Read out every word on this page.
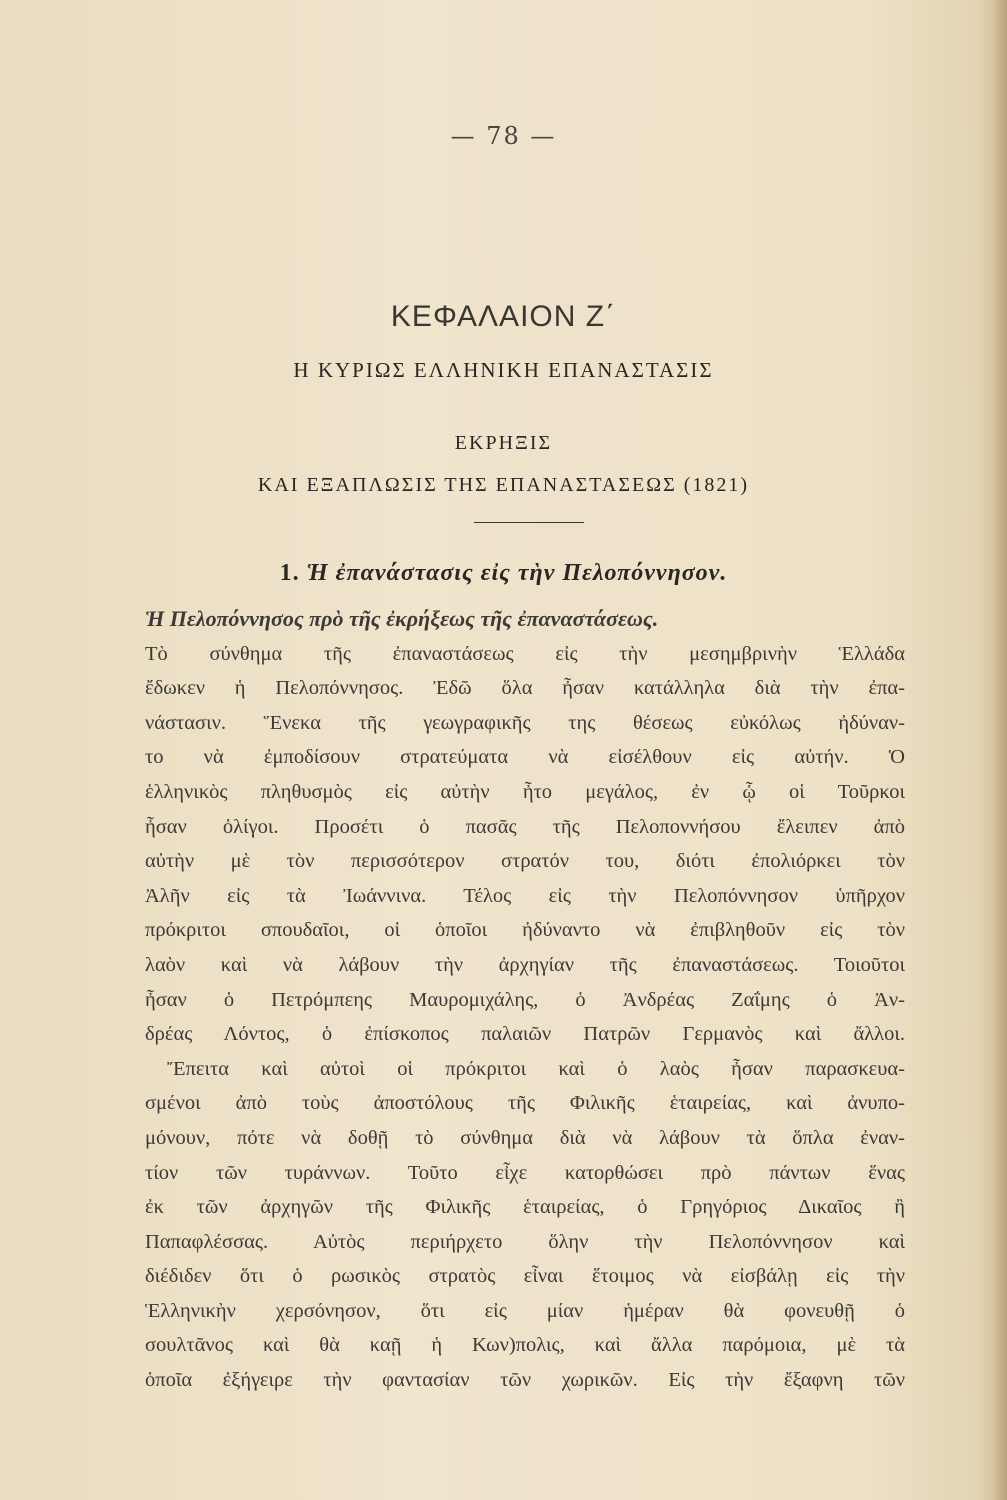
— 78 —
ΚΕΦΑΛΑΙΟΝ Ζ΄
Η ΚΥΡΙΩΣ ΕΛΛΗΝΙΚΗ ΕΠΑΝΑΣΤΑΣΙΣ
ΕΚΡΗΞΙΣ
ΚΑΙ ΕΞΑΠΛΩΣΙΣ ΤΗΣ ΕΠΑΝΑΣΤΑΣΕΩΣ (1821)
1. Ἡ ἐπανάστασις εἰς τὴν Πελοπόννησον.
Ἡ Πελοπόννησος πρὸ τῆς ἐκρήξεως τῆς ἐπαναστάσεως.
Τὸ σύνθημα τῆς ἐπαναστάσεως εἰς τὴν μεσημβρινὴν Ἑλλάδα
ἔδωκεν ἡ Πελοπόννησος. Ἐδῶ ὅλα ἦσαν κατάλληλα διὰ τὴν ἐπα-
νάστασιν. Ἕνεκα τῆς γεωγραφικῆς της θέσεως εὐκόλως ἠδύναν-
το νὰ ἐμποδίσουν στρατεύματα νὰ εἰσέλθουν εἰς αὐτήν. Ὁ
ἑλληνικὸς πληθυσμὸς εἰς αὐτὴν ἦτο μεγάλος, ἐν ᾧ οἱ Τοῦρκοι
ἦσαν ὀλίγοι. Προσέτι ὁ πασᾶς τῆς Πελοποννήσου ἔλειπεν ἀπὸ
αὐτὴν μὲ τὸν περισσότερον στρατόν του, διότι ἐπολιόρκει τὸν
Ἀλῆν εἰς τὰ Ἰωάννινα. Τέλος εἰς τὴν Πελοπόννησον ὑπῆρχον
πρόκριτοι σπουδαῖοι, οἱ ὁποῖοι ἠδύναντο νὰ ἐπιβληθοῦν εἰς τὸν
λαὸν καὶ νὰ λάβουν τὴν ἀρχηγίαν τῆς ἐπαναστάσεως. Τοιοῦτοι
ἦσαν ὁ Πετρόμπεης Μαυρομιχάλης, ὁ Ἀνδρέας Ζαΐμης ὁ Ἀν-
δρέας Λόντος, ὁ ἐπίσκοπος παλαιῶν Πατρῶν Γερμανὸς καὶ ἄλλοι.
Ἔπειτα καὶ αὐτοὶ οἱ πρόκριτοι καὶ ὁ λαὸς ἦσαν παρασκευα-
σμένοι ἀπὸ τοὺς ἀποστόλους τῆς Φιλικῆς ἑταιρείας, καὶ ἀνυπο-
μόνουν, πότε νὰ δοθῇ τὸ σύνθημα διὰ νὰ λάβουν τὰ ὅπλα ἐναν-
τίον τῶν τυράννων. Τοῦτο εἶχε κατορθώσει πρὸ πάντων ἕνας
ἐκ τῶν ἀρχηγῶν τῆς Φιλικῆς ἑταιρείας, ὁ Γρηγόριος Δικαῖος ἢ
Παπαφλέσσας. Αὐτὸς περιήρχετο ὅλην τὴν Πελοπόννησον καὶ
διέδιδεν ὅτι ὁ ρωσικὸς στρατὸς εἶναι ἕτοιμος νὰ εἰσβάλῃ εἰς τὴν
Ἑλληνικὴν χερσόνησον, ὅτι εἰς μίαν ἡμέραν θὰ φονευθῇ ὁ
σουλτᾶνος καὶ θὰ καῇ ἡ Κων)πολις, καὶ ἄλλα παρόμοια, μὲ τὰ
ὁποῖα ἐξήγειρε τὴν φαντασίαν τῶν χωρικῶν. Εἰς τὴν ἔξαφνη τῶν
